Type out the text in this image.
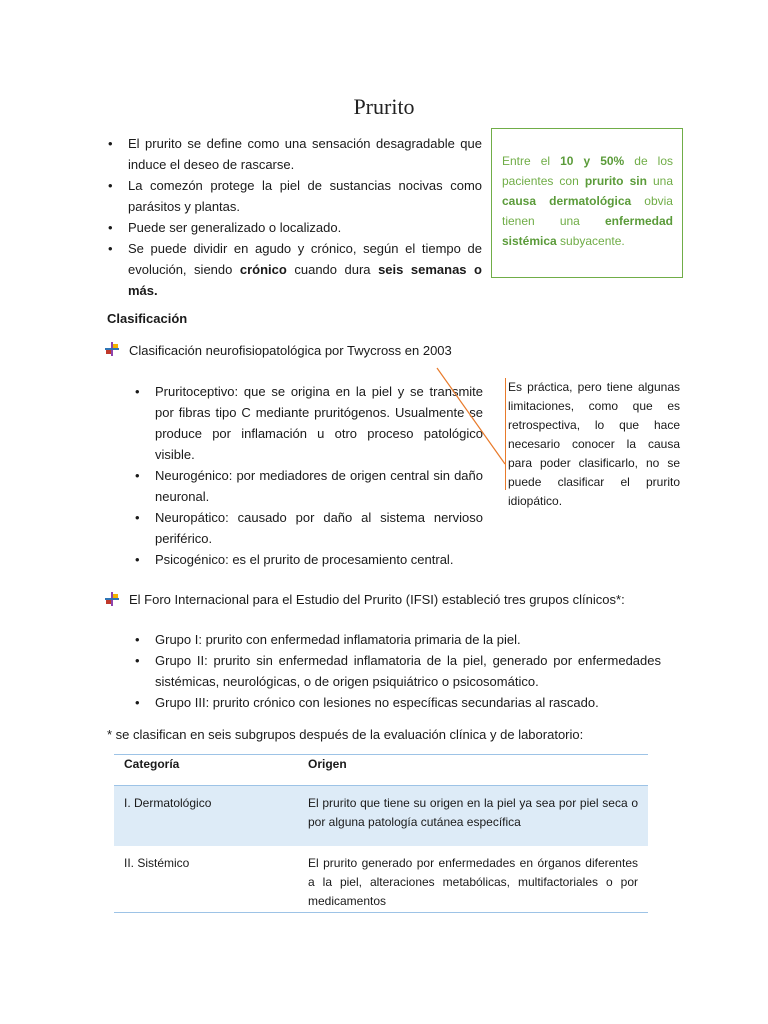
Prurito
• El prurito se define como una sensación desagradable que induce el deseo de rascarse.
• La comezón protege la piel de sustancias nocivas como parásitos y plantas.
• Puede ser generalizado o localizado.
• Se puede dividir en agudo y crónico, según el tiempo de evolución, siendo crónico cuando dura seis semanas o más.
Entre el 10 y 50% de los pacientes con prurito sin una causa dermatológica obvia tienen una enfermedad sistémica subyacente.
Clasificación
Clasificación neurofisiopatológica por Twycross en 2003
• Pruritoceptivo: que se origina en la piel y se transmite por fibras tipo C mediante pruritógenos. Usualmente se produce por inflamación u otro proceso patológico visible.
• Neurogénico: por mediadores de origen central sin daño neuronal.
• Neuropático: causado por daño al sistema nervioso periférico.
• Psicogénico: es el prurito de procesamiento central.
Es práctica, pero tiene algunas limitaciones, como que es retrospectiva, lo que hace necesario conocer la causa para poder clasificarlo, no se puede clasificar el prurito idiopático.
El Foro Internacional para el Estudio del Prurito (IFSI) estableció tres grupos clínicos*:
• Grupo I: prurito con enfermedad inflamatoria primaria de la piel.
• Grupo II: prurito sin enfermedad inflamatoria de la piel, generado por enfermedades sistémicas, neurológicas, o de origen psiquiátrico o psicosomático.
• Grupo III: prurito crónico con lesiones no específicas secundarias al rascado.
* se clasifican en seis subgrupos después de la evaluación clínica y de laboratorio:
Categoría	Origen
I. Dermatológico	El prurito que tiene su origen en la piel ya sea por piel seca o por alguna patología cutánea específica
II. Sistémico	El prurito generado por enfermedades en órganos diferentes a la piel, alteraciones metabólicas, multifactoriales o por medicamentos
